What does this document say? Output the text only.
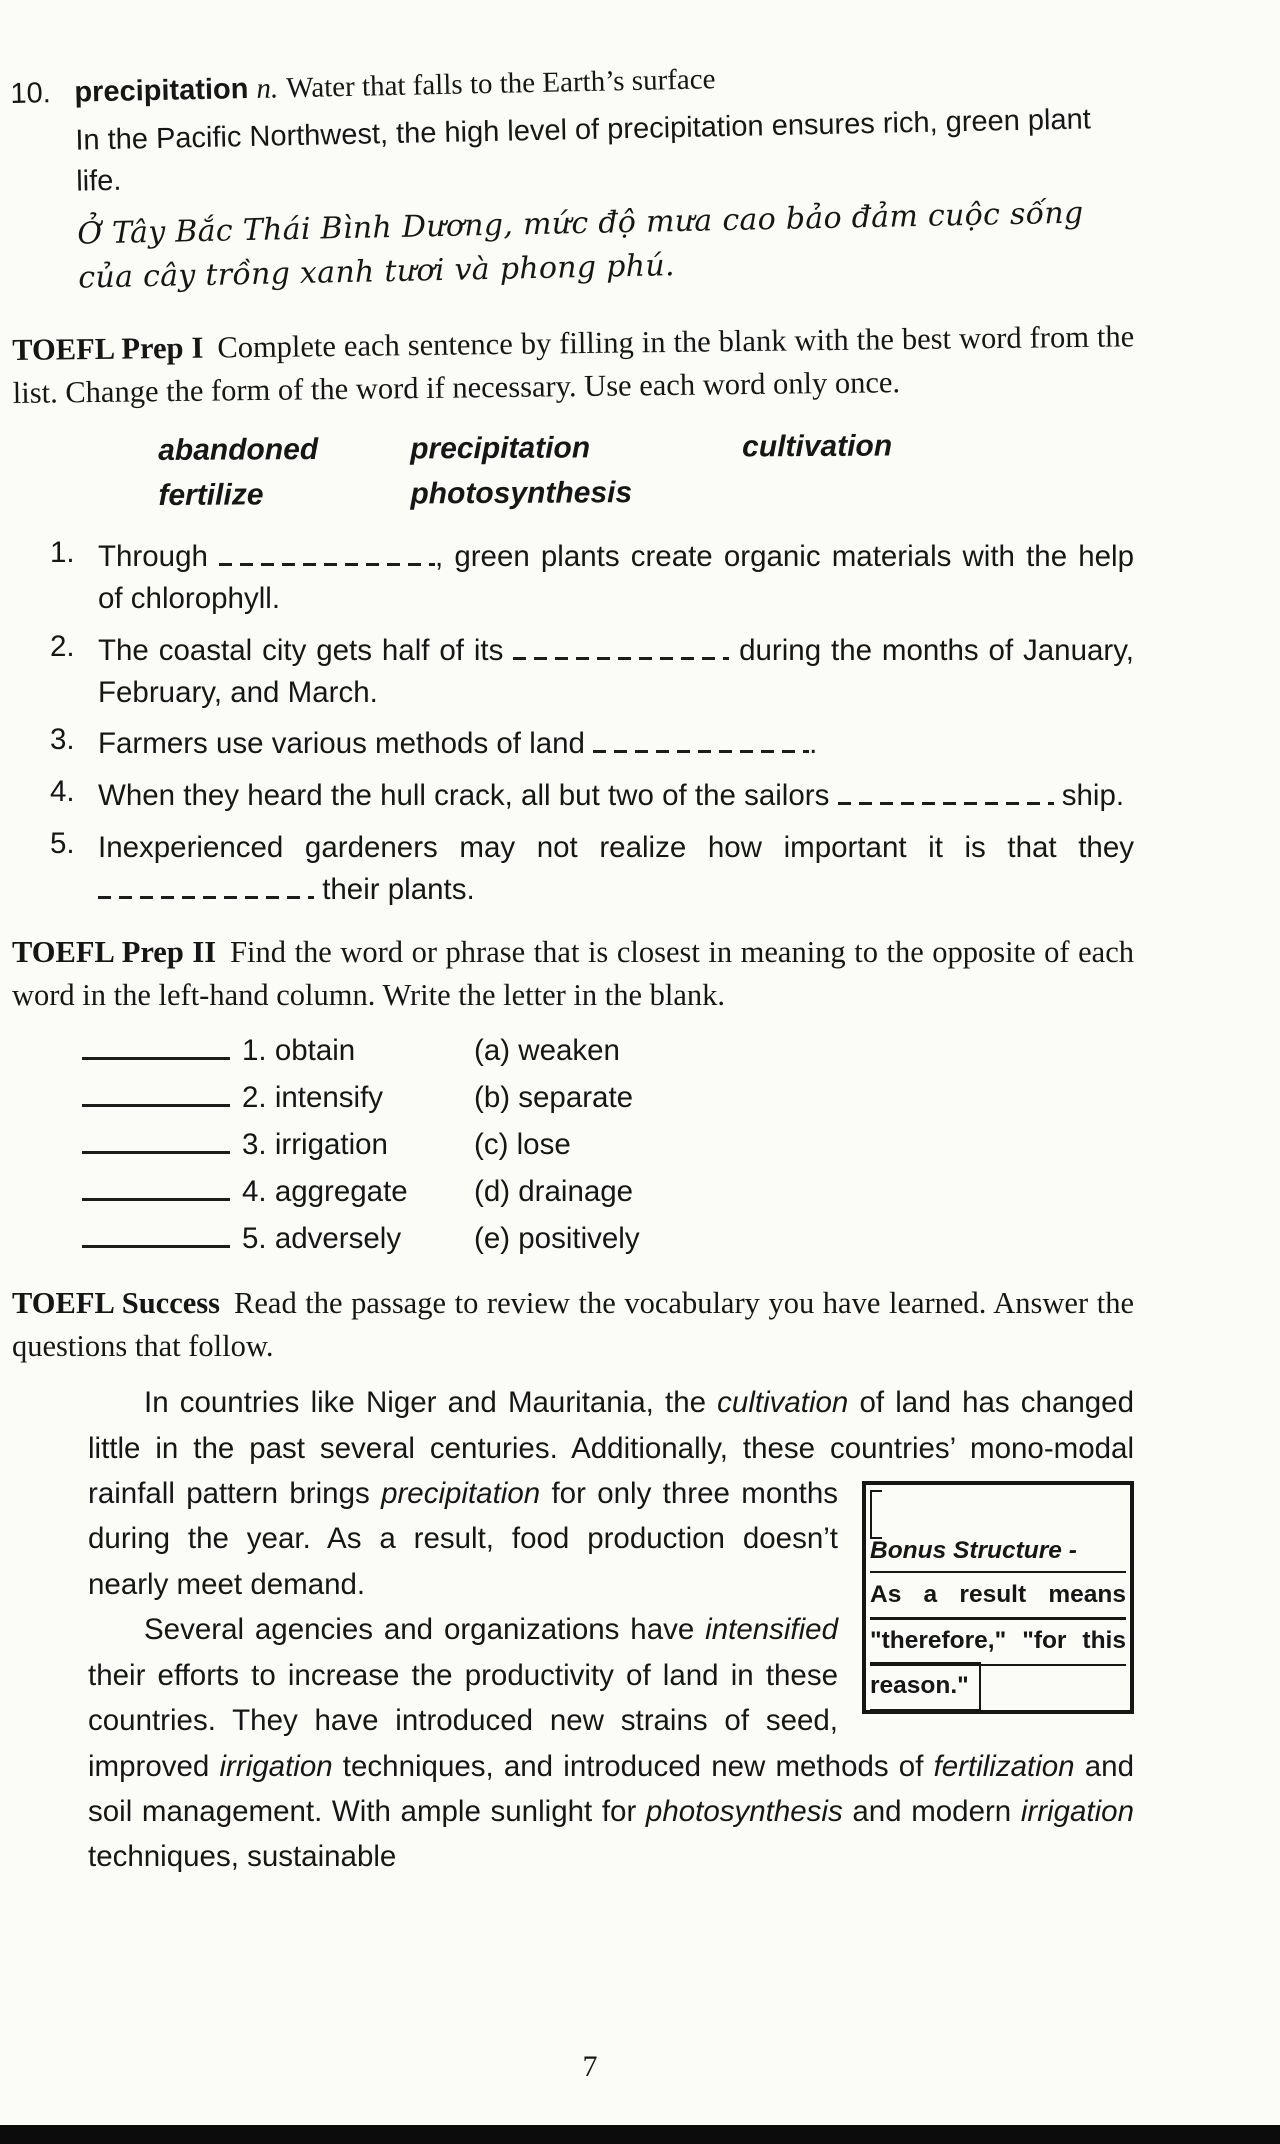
10. precipitation n. Water that falls to the Earth’s surface
In the Pacific Northwest, the high level of precipitation ensures rich, green plant life.
Ở Tây Bắc Thái Bình Dương, mức độ mưa cao bảo đảm cuộc sống của cây trồng xanh tươi và phong phú.

TOEFL Prep I Complete each sentence by filling in the blank with the best word from the list. Change the form of the word if necessary. Use each word only once.

abandoned	precipitation	cultivation
fertilize	photosynthesis
1. Through	, green plants create organic materials with the help of chlorophyll.
2. The coastal city gets half of its	during the months of January, February, and March.
3. Farmers use various methods of land	.
4. When they heard the hull crack, all but two of the sailors	ship.
5. Inexperienced gardeners may not realize how important it is that they  their plants.

TOEFL Prep II Find the word or phrase that is closest in meaning to the opposite of each word in the left-hand column. Write the letter in the blank.

1. obtain	(a) weaken
2. intensify	(b) separate
3. irrigation	(c) lose
4. aggregate	(d) drainage
5. adversely	(e) positively

TOEFL Success Read the passage to review the vocabulary you have learned. Answer the questions that follow.

In countries like Niger and Mauritania, the cultivation of land has changed little in the past several centuries. Additionally, these countries’ mono-modal rainfall pattern brings precipitation for only three
Bonus Structure -
As a result means "therefore," "for this reason."
months during the year. As a result, food production doesn’t nearly meet demand.

Several agencies and organizations have intensified their efforts to increase the productivity of land in these countries. They have introduced new strains of seed, improved irrigation techniques, and introduced new methods of fertilization and soil management. With ample sunlight for photosynthesis and modern irrigation techniques, sustainable

7
